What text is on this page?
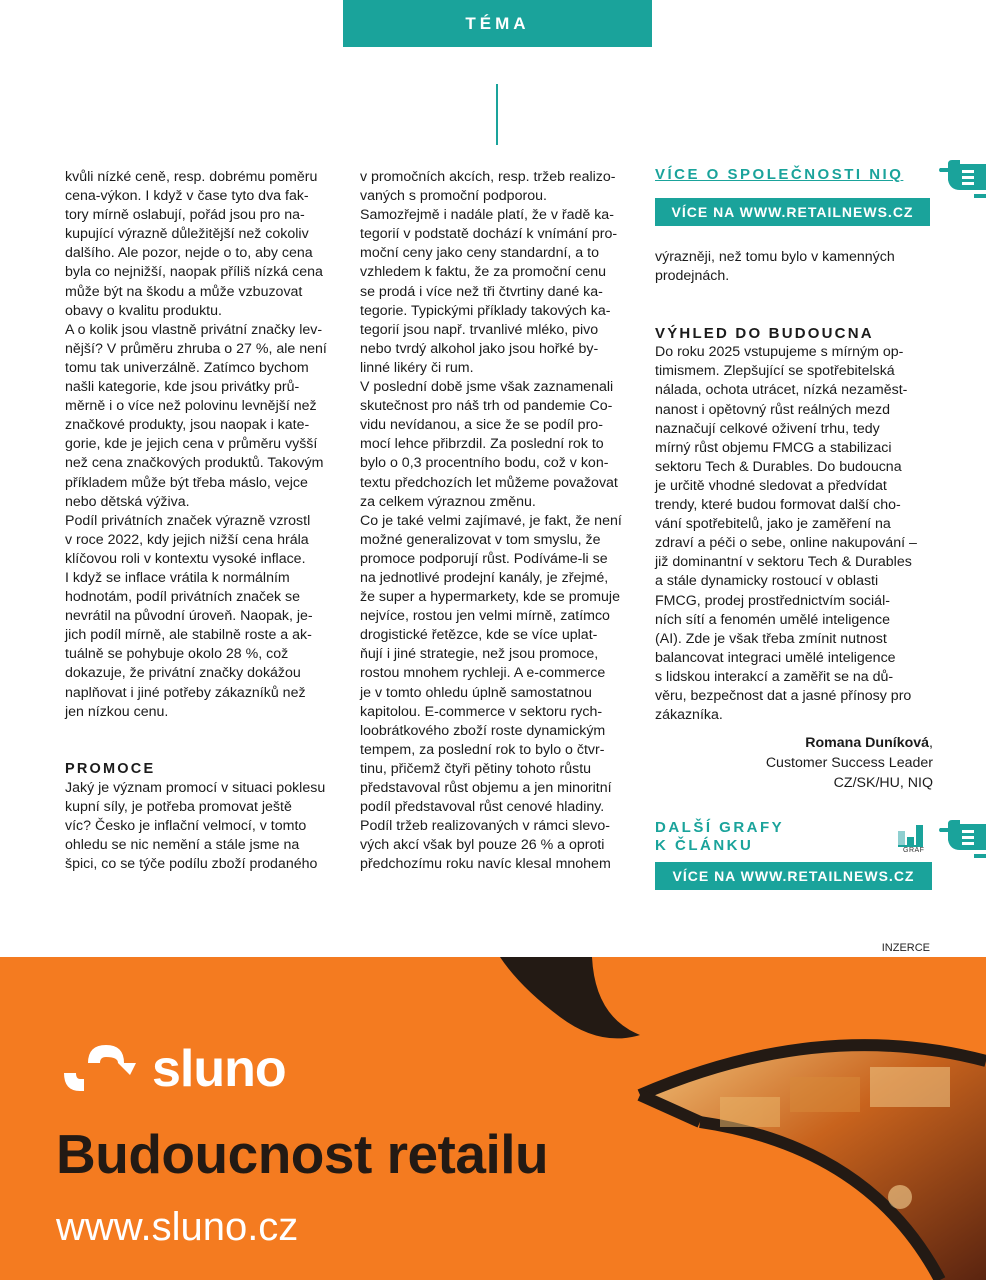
TÉMA

kvůli nízké ceně, resp. dobrému poměru
cena-výkon. I když v čase tyto dva fak-
tory mírně oslabují, pořád jsou pro na-
kupující výrazně důležitější než cokoliv
dalšího. Ale pozor, nejde o to, aby cena
byla co nejnižší, naopak příliš nízká cena
může být na škodu a může vzbuzovat
obavy o kvalitu produktu.

A o kolik jsou vlastně privátní značky lev-
nější? V průměru zhruba o 27 %, ale není
tomu tak univerzálně. Zatímco bychom
našli kategorie, kde jsou privátky prů-
měrně i o více než polovinu levnější než
značkové produkty, jsou naopak i kate-
gorie, kde je jejich cena v průměru vyšší
než cena značkových produktů. Takovým
příkladem může být třeba máslo, vejce
nebo dětská výživa.

Podíl privátních značek výrazně vzrostl
v roce 2022, kdy jejich nižší cena hrála
klíčovou roli v kontextu vysoké inflace.
I když se inflace vrátila k normálním
hodnotám, podíl privátních značek se
nevrátil na původní úroveň. Naopak, je-
jich podíl mírně, ale stabilně roste a ak-
tuálně se pohybuje okolo 28 %, což
dokazuje, že privátní značky dokážou
naplňovat i jiné potřeby zákazníků než
jen nízkou cenu.

PROMOCE

Jaký je význam promocí v situaci poklesu
kupní síly, je potřeba promovat ještě
víc? Česko je inflační velmocí, v tomto
ohledu se nic nemění a stále jsme na
špici, co se týče podílu zboží prodaného

v promočních akcích, resp. tržeb realizo-
vaných s promoční podporou.

Samozřejmě i nadále platí, že v řadě ka-
tegorií v podstatě dochází k vnímání pro-
moční ceny jako ceny standardní, a to
vzhledem k faktu, že za promoční cenu
se prodá i více než tři čtvrtiny dané ka-
tegorie. Typickými příklady takových ka-
tegorií jsou např. trvanlivé mléko, pivo
nebo tvrdý alkohol jako jsou hořké by-
linné likéry či rum.

V poslední době jsme však zaznamenali
skutečnost pro náš trh od pandemie Co-
vidu nevídanou, a sice že se podíl pro-
mocí lehce přibrzdil. Za poslední rok to
bylo o 0,3 procentního bodu, což v kon-
textu předchozích let můžeme považovat
za celkem výraznou změnu.

Co je také velmi zajímavé, je fakt, že není
možné generalizovat v tom smyslu, že
promoce podporují růst. Podíváme-li se
na jednotlivé prodejní kanály, je zřejmé,
že super a hypermarkety, kde se promuje
nejvíce, rostou jen velmi mírně, zatímco
drogistické řetězce, kde se více uplat-
ňují i jiné strategie, než jsou promoce,
rostou mnohem rychleji. A e-commerce
je v tomto ohledu úplně samostatnou
kapitolou. E-commerce v sektoru rych-
loobrátkového zboží roste dynamickým
tempem, za poslední rok to bylo o čtvr-
tinu, přičemž čtyři pětiny tohoto růstu
představoval růst objemu a jen minoritní
podíl představoval růst cenové hladiny.
Podíl tržeb realizovaných v rámci slevo-
vých akcí však byl pouze 26 % a oproti
předchozímu roku navíc klesal mnohem

VÍCE O SPOLEČNOSTI NIQ
VÍCE NA WWW.RETAILNEWS.CZ

výrazněji, než tomu bylo v kamenných
prodejnách.

VÝHLED DO BUDOUCNA

Do roku 2025 vstupujeme s mírným op-
timismem. Zlepšující se spotřebitelská
nálada, ochota utrácet, nízká nezaměst-
nanost i opětovný růst reálných mezd
naznačují celkové oživení trhu, tedy
mírný růst objemu FMCG a stabilizaci
sektoru Tech & Durables. Do budoucna
je určitě vhodné sledovat a předvídat
trendy, které budou formovat další cho-
vání spotřebitelů, jako je zaměření na
zdraví a péči o sebe, online nakupování –
již dominantní v sektoru Tech & Durables
a stále dynamicky rostoucí v oblasti
FMCG, prodej prostřednictvím sociál-
ních sítí a fenomén umělé inteligence
(AI). Zde je však třeba zmínit nutnost
balancovat integraci umělé inteligence
s lidskou interakcí a zaměřit se na dů-
věru, bezpečnost dat a jasné přínosy pro
zákazníka.

Romana Duníková,
Customer Success Leader
CZ/SK/HU, NIQ
DALŠÍ GRAFY
K ČLÁNKU	GRAF
VÍCE NA WWW.RETAILNEWS.CZ
INZERCE
sluno
Budoucnost retailu
www.sluno.cz
